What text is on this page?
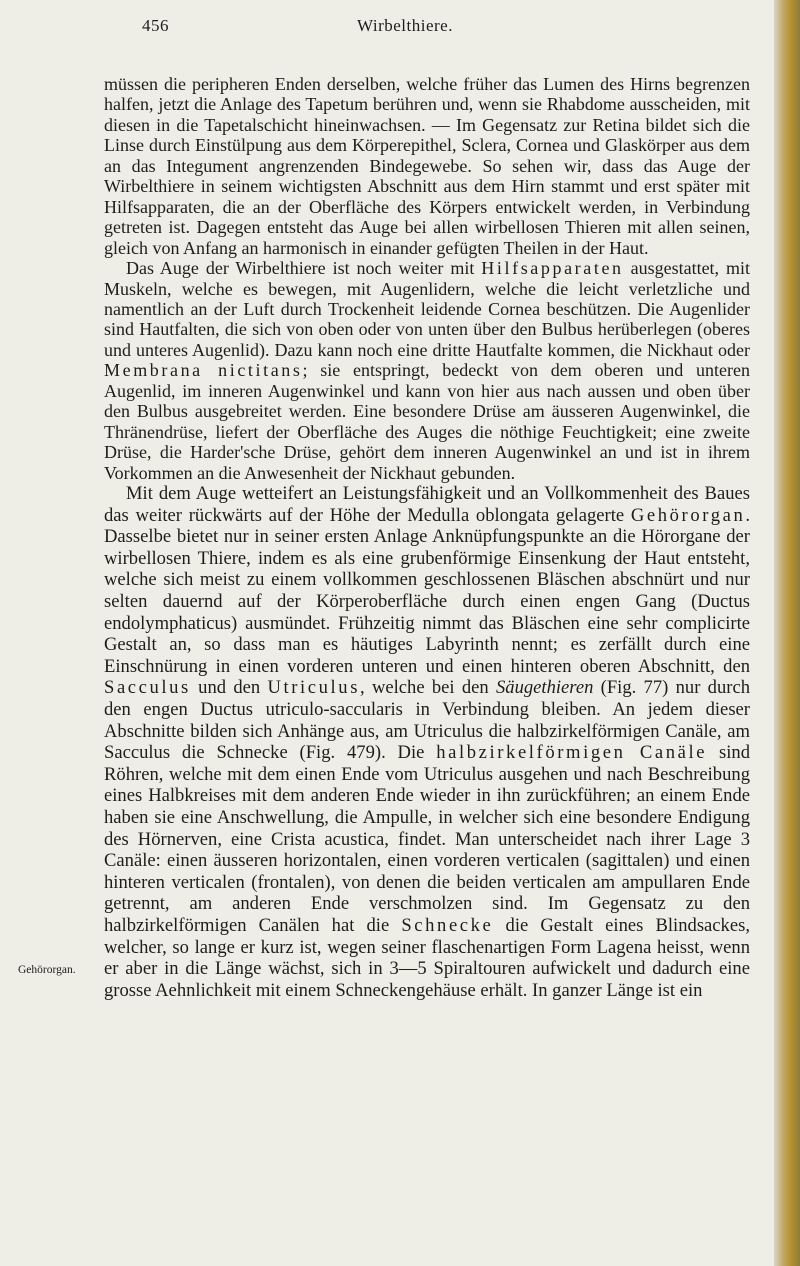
456	Wirbelthiere.
Gehörorgan.

müssen die peripheren Enden derselben, welche früher das Lumen des Hirns begrenzen halfen, jetzt die Anlage des Tapetum berühren und, wenn sie Rhabdome ausscheiden, mit diesen in die Tapetalschicht hineinwachsen. — Im Gegensatz zur Retina bildet sich die Linse durch Einstülpung aus dem Körperepithel, Sclera, Cornea und Glaskörper aus dem an das Integument angrenzenden Bindegewebe. So sehen wir, dass das Auge der Wirbelthiere in seinem wichtigsten Abschnitt aus dem Hirn stammt und erst später mit Hilfsapparaten, die an der Oberfläche des Körpers entwickelt werden, in Verbindung getreten ist. Dagegen entsteht das Auge bei allen wirbellosen Thieren mit allen seinen, gleich von Anfang an harmonisch in einander gefügten Theilen in der Haut.

Das Auge der Wirbelthiere ist noch weiter mit Hilfsapparaten ausgestattet, mit Muskeln, welche es bewegen, mit Augenlidern, welche die leicht verletzliche und namentlich an der Luft durch Trockenheit leidende Cornea beschützen. Die Augenlider sind Hautfalten, die sich von oben oder von unten über den Bulbus herüberlegen (oberes und unteres Augenlid). Dazu kann noch eine dritte Hautfalte kommen, die Nickhaut oder Membrana nictitans; sie entspringt, bedeckt von dem oberen und unteren Augenlid, im inneren Augenwinkel und kann von hier aus nach aussen und oben über den Bulbus ausgebreitet werden. Eine besondere Drüse am äusseren Augenwinkel, die Thränendrüse, liefert der Oberfläche des Auges die nöthige Feuchtigkeit; eine zweite Drüse, die Harder'sche Drüse, gehört dem inneren Augenwinkel an und ist in ihrem Vorkommen an die Anwesenheit der Nickhaut gebunden.

Mit dem Auge wetteifert an Leistungsfähigkeit und an Vollkommenheit des Baues das weiter rückwärts auf der Höhe der Medulla oblongata gelagerte Gehörorgan. Dasselbe bietet nur in seiner ersten Anlage Anknüpfungspunkte an die Hörorgane der wirbellosen Thiere, indem es als eine grubenförmige Einsenkung der Haut entsteht, welche sich meist zu einem vollkommen geschlossenen Bläschen abschnürt und nur selten dauernd auf der Körperoberfläche durch einen engen Gang (Ductus endolymphaticus) ausmündet. Frühzeitig nimmt das Bläschen eine sehr complicirte Gestalt an, so dass man es häutiges Labyrinth nennt; es zerfällt durch eine Einschnürung in einen vorderen unteren und einen hinteren oberen Abschnitt, den Sacculus und den Utriculus, welche bei den Säugethieren (Fig. 77) nur durch den engen Ductus utriculo-saccularis in Verbindung bleiben. An jedem dieser Abschnitte bilden sich Anhänge aus, am Utriculus die halbzirkelförmigen Canäle, am Sacculus die Schnecke (Fig. 479). Die halbzirkelförmigen Canäle sind Röhren, welche mit dem einen Ende vom Utriculus ausgehen und nach Beschreibung eines Halbkreises mit dem anderen Ende wieder in ihn zurückführen; an einem Ende haben sie eine Anschwellung, die Ampulle, in welcher sich eine besondere Endigung des Hörnerven, eine Crista acustica, findet. Man unterscheidet nach ihrer Lage 3 Canäle: einen äusseren horizontalen, einen vorderen verticalen (sagittalen) und einen hinteren verticalen (frontalen), von denen die beiden verticalen am ampullaren Ende getrennt, am anderen Ende verschmolzen sind. Im Gegensatz zu den halbzirkelförmigen Canälen hat die Schnecke die Gestalt eines Blindsackes, welcher, so lange er kurz ist, wegen seiner flaschenartigen Form Lagena heisst, wenn er aber in die Länge wächst, sich in 3—5 Spiraltouren aufwickelt und dadurch eine grosse Aehnlichkeit mit einem Schneckengehäuse erhält. In ganzer Länge ist ein
